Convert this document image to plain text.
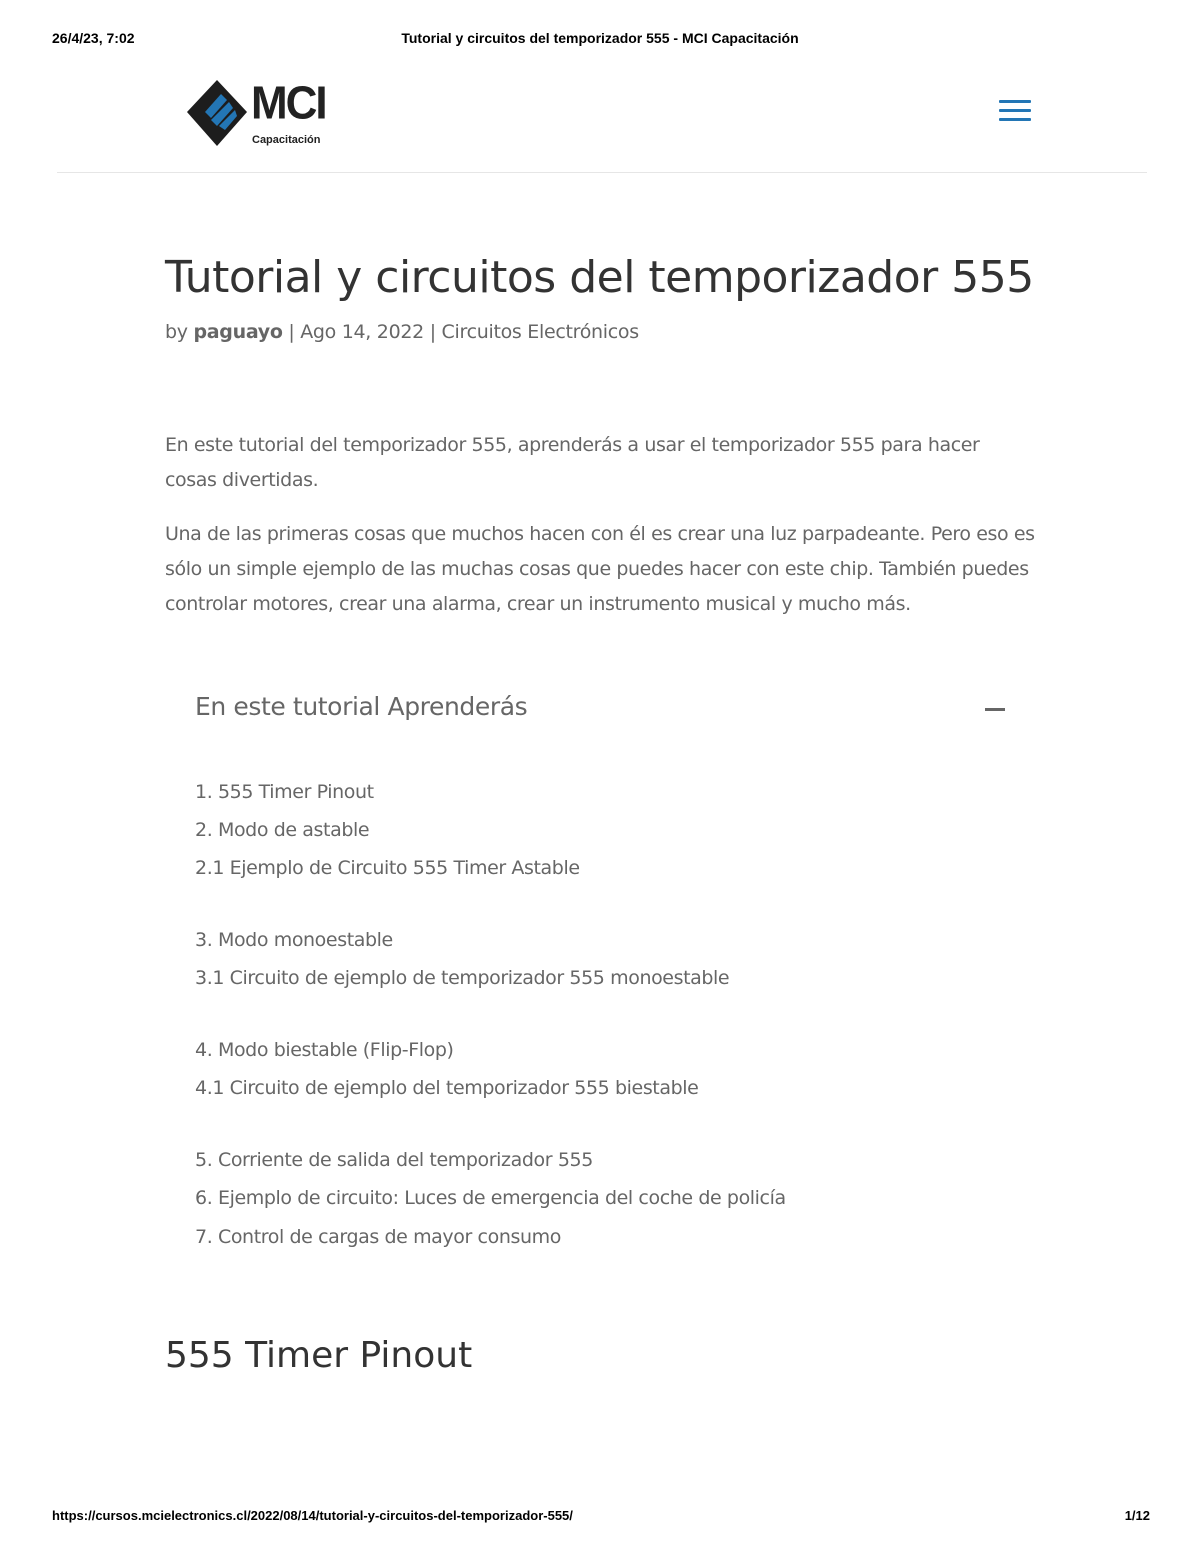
26/4/23, 7:02	Tutorial y circuitos del temporizador 555 - MCI Capacitación
MCI
Capacitación
Tutorial y circuitos del temporizador 555
by paguayo | Ago 14, 2022 | Circuitos Electrónicos

En este tutorial del temporizador 555, aprenderás a usar el temporizador 555 para hacer cosas divertidas.

Una de las primeras cosas que muchos hacen con él es crear una luz parpadeante. Pero eso es sólo un simple ejemplo de las muchas cosas que puedes hacer con este chip. También puedes controlar motores, crear una alarma, crear un instrumento musical y mucho más.

En este tutorial Aprenderás
1. 555 Timer Pinout
2. Modo de astable
2.1 Ejemplo de Circuito 555 Timer Astable
3. Modo monoestable
3.1 Circuito de ejemplo de temporizador 555 monoestable
4. Modo biestable (Flip-Flop)
4.1 Circuito de ejemplo del temporizador 555 biestable
5. Corriente de salida del temporizador 555
6. Ejemplo de circuito: Luces de emergencia del coche de policía
7. Control de cargas de mayor consumo
555 Timer Pinout
https://cursos.mcielectronics.cl/2022/08/14/tutorial-y-circuitos-del-temporizador-555/	1/12
